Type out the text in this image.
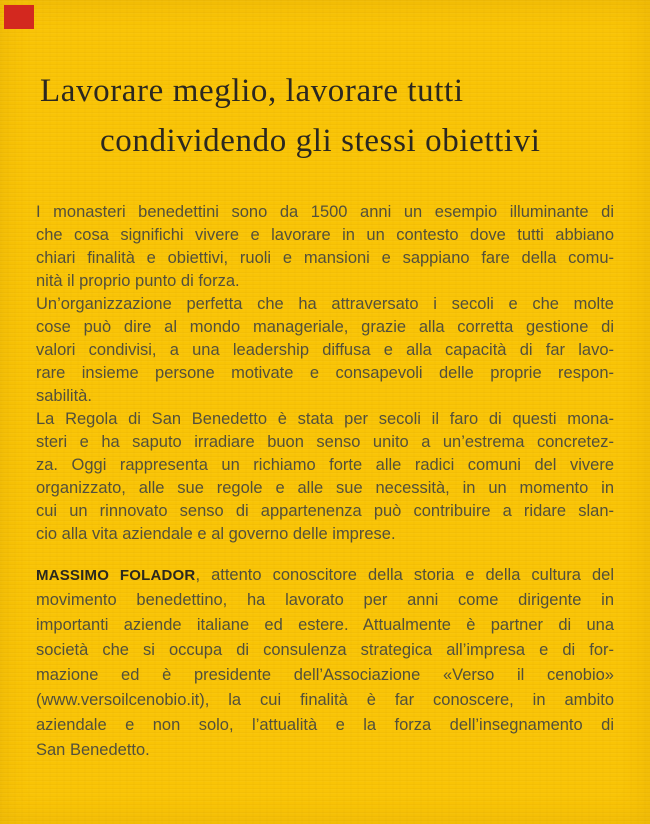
Lavorare meglio, lavorare tutti
condividendo gli stessi obiettivi
I monasteri benedettini sono da 1500 anni un esempio illuminante di
che cosa significhi vivere e lavorare in un contesto dove tutti abbiano
chiari finalità e obiettivi, ruoli e mansioni e sappiano fare della comu-
nità il proprio punto di forza.
Un’organizzazione perfetta che ha attraversato i secoli e che molte
cose può dire al mondo manageriale, grazie alla corretta gestione di
valori condivisi, a una leadership diffusa e alla capacità di far lavo-
rare insieme persone motivate e consapevoli delle proprie respon-
sabilità.
La Regola di San Benedetto è stata per secoli il faro di questi mona-
steri e ha saputo irradiare buon senso unito a un’estrema concretez-
za. Oggi rappresenta un richiamo forte alle radici comuni del vivere
organizzato, alle sue regole e alle sue necessità, in un momento in
cui un rinnovato senso di appartenenza può contribuire a ridare slan-
cio alla vita aziendale e al governo delle imprese.
MASSIMO FOLADOR, attento conoscitore della storia e della cultura del
movimento benedettino, ha lavorato per anni come dirigente in
importanti aziende italiane ed estere. Attualmente è partner di una
società che si occupa di consulenza strategica all’impresa e di for-
mazione ed è presidente dell’Associazione «Verso il cenobio»
(www.versoilcenobio.it), la cui finalità è far conoscere, in ambito
aziendale e non solo, l’attualità e la forza dell’insegnamento di
San Benedetto.
